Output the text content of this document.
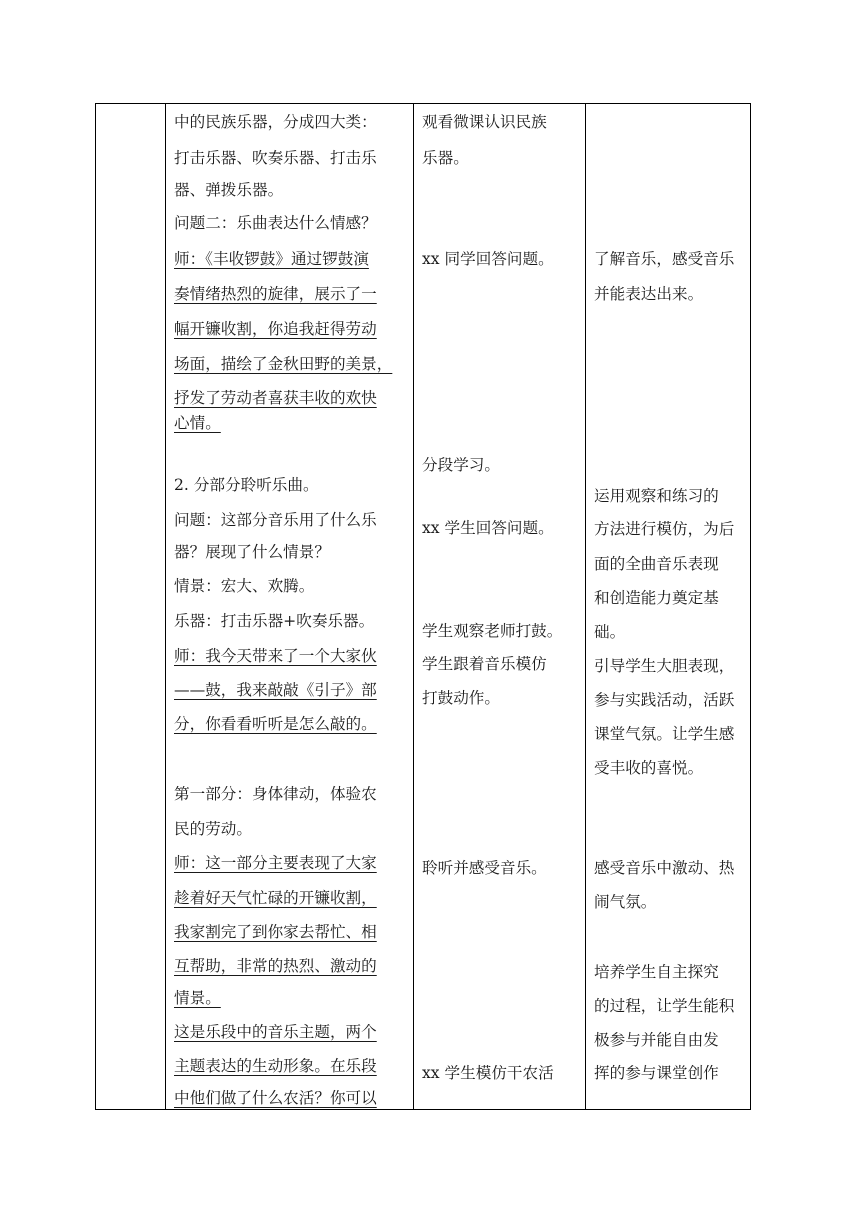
中的民族乐器，分成四大类：
打击乐器、吹奏乐器、打击乐
器、弹拨乐器。
问题二：乐曲表达什么情感？
师：《丰收锣鼓》通过锣鼓演
奏情绪热烈的旋律，展示了一
幅开镰收割，你追我赶得劳动
场面，描绘了金秋田野的美景，
抒发了劳动者喜获丰收的欢快
心情。
2. 分部分聆听乐曲。
问题：这部分音乐用了什么乐
器？展现了什么情景？
情景：宏大、欢腾。
乐器：打击乐器+吹奏乐器。
师：我今天带来了一个大家伙
——鼓，我来敲敲《引子》部
分，你看看听听是怎么敲的。
第一部分：身体律动，体验农
民的劳动。
师：这一部分主要表现了大家
趁着好天气忙碌的开镰收割，
我家割完了到你家去帮忙、相
互帮助，非常的热烈、激动的
情景。
这是乐段中的音乐主题，两个
主题表达的生动形象。在乐段
中他们做了什么农活？你可以
观看微课认识民族
乐器。
xx 同学回答问题。
分段学习。
xx 学生回答问题。
学生观察老师打鼓。
学生跟着音乐模仿
打鼓动作。
聆听并感受音乐。
xx 学生模仿干农活
了解音乐，感受音乐
并能表达出来。
运用观察和练习的
方法进行模仿，为后
面的全曲音乐表现
和创造能力奠定基
础。
引导学生大胆表现，
参与实践活动，活跃
课堂气氛。让学生感
受丰收的喜悦。
感受音乐中激动、热
闹气氛。
培养学生自主探究
的过程，让学生能积
极参与并能自由发
挥的参与课堂创作
